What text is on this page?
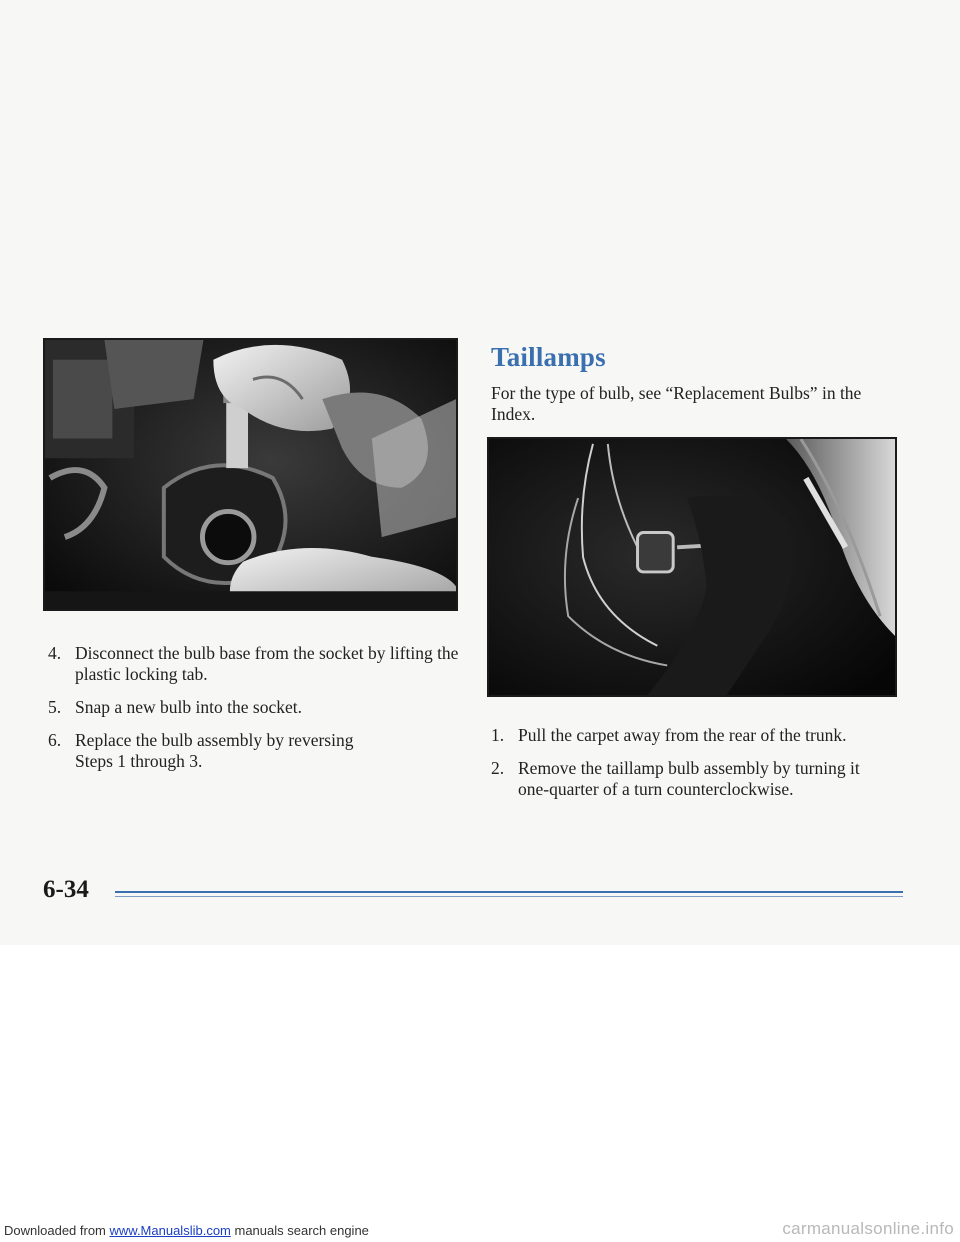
Taillamps
For the type of bulb, see “Replacement Bulbs” in the Index.
4. Disconnect the bulb base from the socket by lifting the plastic locking tab.
5. Snap a new bulb into the socket.
6. Replace the bulb assembly by reversing Steps 1 through 3.
1. Pull the carpet away from the rear of the trunk.
2. Remove the taillamp bulb assembly by turning it one-quarter of a turn counterclockwise.
6-34
Downloaded from www.Manualslib.com manuals search engine	carmanualsonline.info
